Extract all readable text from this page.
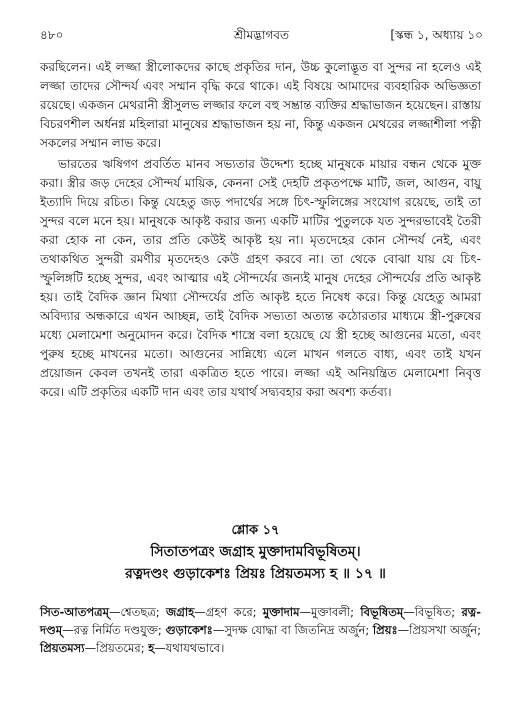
৪৮০	শ্রীমদ্ভাগবত	[স্কন্ধ ১, অধ্যায় ১০

করছিলেন। এই লজ্জা স্ত্রীলোকদের কাছে প্রকৃতির দান, উচ্চ কুলোদ্ভূত বা সুন্দর না হলেও এই লজ্জা তাদের সৌন্দর্য এবং সম্মান বৃদ্ধি করে থাকে। এই বিষয়ে আমাদের ব্যবহারিক অভিজ্ঞতা রয়েছে। একজন মেথরানী স্ত্রীসুলভ লজ্জার ফলে বহু সম্ভ্রান্ত ব্যক্তির শ্রদ্ধাভাজন হয়েছেন। রাস্তায় বিচরণশীল অর্ধনগ্ন মহিলারা মানুষের শ্রদ্ধাভাজন হয় না, কিন্তু একজন মেথরের লজ্জাশীলা পত্নী সকলের সম্মান লাভ করে।

ভারতের ঋষিগণ প্রবর্তিত মানব সভ্যতার উদ্দেশ্য হচ্ছে মানুষকে মায়ার বন্ধন থেকে মুক্ত করা। স্ত্রীর জড় দেহের সৌন্দর্য মায়িক, কেননা সেই দেহটি প্রকৃতপক্ষে মাটি, জল, আগুন, বায়ু ইত্যাদি দিয়ে রচিত। কিন্তু যেহেতু জড় পদার্থের সঙ্গে চিৎ-স্ফুলিঙ্গের সংযোগ রয়েছে, তাই তা সুন্দর বলে মনে হয়। মানুষকে আকৃষ্ট করার জন্য একটি মাটির পুতুলকে যত সুন্দরভাবেই তৈরী করা হোক না কেন, তার প্রতি কেউই আকৃষ্ট হয় না। মৃতদেহের কোন সৌন্দর্য নেই, এবং তথাকথিত সুন্দরী রমণীর মৃতদেহও কেউ গ্রহণ করবে না। তা থেকে বোঝা যায় যে চিৎ-স্ফুলিঙ্গটি হচ্ছে সুন্দর, এবং আত্মার এই সৌন্দর্যের জন্যই মানুষ দেহের সৌন্দর্যের প্রতি আকৃষ্ট হয়। তাই বৈদিক জ্ঞান মিথ্যা সৌন্দর্যের প্রতি আকৃষ্ট হতে নিষেধ করে। কিন্তু যেহেতু আমরা অবিদ্যার অন্ধকারে এখন আচ্ছন্ন, তাই বৈদিক সভ্যতা অত্যন্ত কঠোরতার মাধ্যমে স্ত্রী-পুরুষের মধ্যে মেলামেশা অনুমোদন করে। বৈদিক শাস্ত্রে বলা হয়েছে যে স্ত্রী হচ্ছে আগুনের মতো, এবং পুরুষ হচ্ছে মাখনের মতো। আগুনের সান্নিধ্যে এলে মাখন গলতে বাধ্য, এবং তাই যখন প্রয়োজন কেবল তখনই তারা একত্রিত হতে পারে। লজ্জা এই অনিয়ন্ত্রিত মেলামেশা নিবৃত্ত করে। এটি প্রকৃতির একটি দান এবং তার যথার্থ সদ্ব্যবহার করা অবশ্য কর্তব্য।

শ্লোক ১৭
সিতাতপত্রং জগ্রাহ মুক্তাদামবিভূষিতম্।
রত্নদণ্ডং গুড়াকেশঃ প্রিয়ঃ প্রিয়তমস্য হ ॥ ১৭ ॥
সিত-আতপত্রম্—শ্বেতছত্র; জগ্রাহ—গ্রহণ করে; মুক্তাদাম—মুক্তাবলী; বিভূষিতম্—বিভূষিত; রত্ন-দণ্ডম্—রত্ন নির্মিত দণ্ডযুক্ত; গুড়াকেশঃ—সুদক্ষ যোদ্ধা বা জিতনিদ্র অর্জুন; প্রিয়ঃ—প্রিয়সখা অর্জুন; প্রিয়তমস্য—প্রিয়তমের; হ—যথাযথভাবে।
